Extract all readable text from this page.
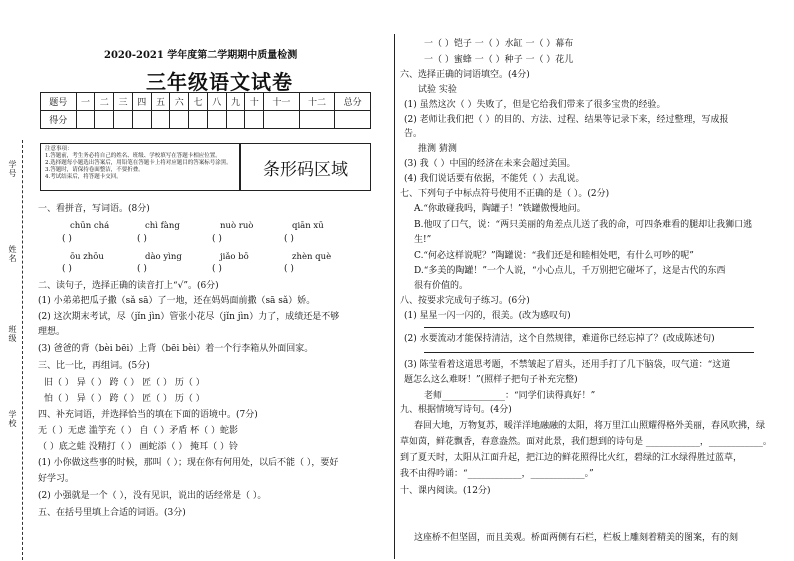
学号
姓名
班级
学校
2020-2021 学年度第二学期期中质量检测
三年级语文试卷
题号	一	二	三	四	五	六	七	八	九	十	十一	十二	总分
得分													
注意事项：
1.答题前，考生务必将自己的姓名、班级、学校填写在答题卡相应位置。
2.选择题每小题选出答案后，用铅笔在答题卡上将对应题目的答案标号涂黑。
3.答题时，请保持卷面整洁，不要折叠。
4.考试结束后，将答题卡交回。	条形码区域
一、看拼音，写词语。(8分)
chūn chá	chì fàng	nuò ruò	qiān xū
( )	( )	( )	( )
ōu zhōu	dào yìng	jiǎo bō	zhèn què
( )	( )	( )	( )
二、读句子，选择正确的读音打上“√”。(6分)
(1) 小弟弟把瓜子撒（sǎ sā）了一地，还在妈妈面前撒（sā sǎ）娇。
(2) 这次期末考试，尽（jǐn jìn）管张小花尽（jǐn jìn）力了，成绩还是不够
理想。
(3) 爸爸的背（bèi bēi）上背（bēi bèi）着一个行李箱从外面回家。
三、比一比，再组词。(5分)
旧（ ） 异（ ） 跨（ ） 匠（ ） 历（ ）
怕（ ） 异（ ） 跨（ ） 匠（ ） 历（ ）
四、补充词语，并选择恰当的填在下面的语境中。(7分)
无（ ）无虑 滥竽充（ ） 自（ ）矛盾 杯（ ）蛇影
（ ）底之蛙 没精打（ ） 画蛇添（ ） 掩耳（ ）铃
(1) 小你做这些事的时候，那叫（ ）；现在你有何用处，以后不能（ ），要好
好学习。
(2) 小强就是一个（ ），没有见识，说出的话经常是（ ）。
五、在括号里填上合适的词语。(3分)
一（ ）铠子 一（ ）水缸 一（ ）幕布
一（ ）蜜蜂 一（ ）种子 一（ ）花儿
六、选择正确的词语填空。(4分)
试验 实验
(1) 虽然这次（ ）失败了，但是它给我们带来了很多宝贵的经验。
(2) 老师让我们把（ ）的目的、方法、过程、结果等记录下来，经过整理，写成报
告。
推测 猜测
(3) 我（ ）中国的经济在未来会超过美国。
(4) 我们说话要有依据，不能凭（ ）去乱说。
七、下列句子中标点符号使用不正确的是（ ）。(2分)
A.“你敢碰我吗，陶罐子！”铁罐傲慢地问。
B.他叹了口气，说：“两只美丽的角差点儿送了我的命，可四条难看的腿却让我狮口逃
生!”
C.“何必这样说呢？”陶罐说：“我们还是和睦相处吧，有什么可吵的呢”
D.“多美的陶罐！”一个人说，“小心点儿，千万别把它碰坏了，这是古代的东西
很有价值的。
八、按要求完成句子练习。(6分)
(1) 星星一闪一闪的，很美。(改为感叹句)
(2) 水要流动才能保持清洁，这个自然规律，难道你已经忘掉了？(改成陈述句)
(3) 陈莹看着这道思考题，不禁皱起了眉头，还用手打了几下脑袋，叹气道：“这道
题怎么这么难呀！”(照样子把句子补充完整)
老师______________：“同学们读得真好！”
九、根据情境写诗句。(4分)
春回大地，万物复苏，暖洋洋地融融的太阳，将万里江山照耀得格外美丽，春风吹拂，绿
草如茵，鲜花飘香，春意盎然。面对此景，我们想到的诗句是 ____________，____________。
到了夏天时，太阳从江面升起，把江边的鲜花照得比火红，碧绿的江水绿得胜过蓝草，
我不由得吟诵：“____________，____________。”
十、课内阅读。(12分)
这座桥不但坚固，而且美观。桥面两侧有石栏，栏板上雕刻着精美的图案，有的刻
